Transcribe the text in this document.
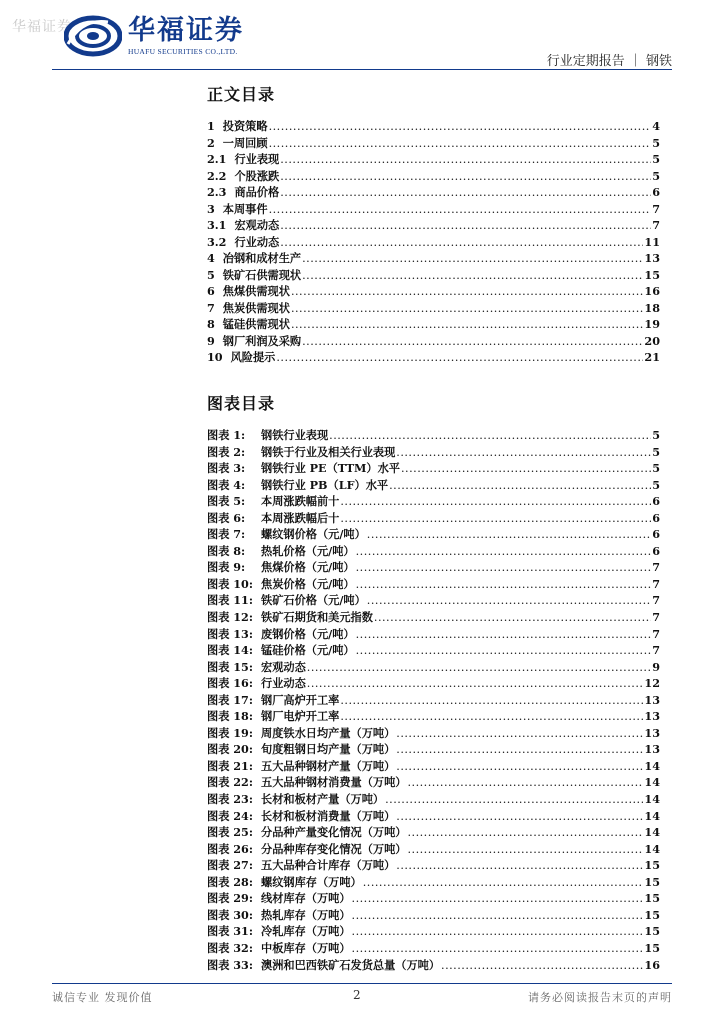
华福证券 华福证券
HUAFU SECURITIES CO.,LTD.
行业定期报告 ｜ 钢铁
正文目录
1 投资策略 .....	4
2 一周回顾 .....	5
2.1 行业表现 .....	5
2.2 个股涨跌 .....	5
2.3 商品价格 .....	6
3 本周事件 .....	7
3.1 宏观动态 .....	7
3.2 行业动态 .....	11
4 冶钢和成材生产 .....	13
5 铁矿石供需现状 .....	15
6 焦煤供需现状 .....	16
7 焦炭供需现状 .....	18
8 锰硅供需现状 .....	19
9 钢厂利润及采购 .....	20
10 风险提示 .....	21
图表目录
图表 1:	钢铁行业表现 .....	5
图表 2:	钢铁于行业及相关行业表现 .....	5
图表 3:	钢铁行业 PE（TTM）水平 .....	5
图表 4:	钢铁行业 PB（LF）水平 .....	5
图表 5:	本周涨跌幅前十 .....	6
图表 6:	本周涨跌幅后十 .....	6
图表 7:	螺纹钢价格（元/吨） .....	6
图表 8:	热轧价格（元/吨） .....	6
图表 9:	焦煤价格（元/吨） .....	7
图表 10: 焦炭价格（元/吨） .....	7
图表 11: 铁矿石价格（元/吨） .....	7
图表 12: 铁矿石期货和美元指数 .....	7
图表 13: 废钢价格（元/吨） .....	7
图表 14: 锰硅价格（元/吨） .....	7
图表 15: 宏观动态 .....	9
图表 16: 行业动态 .....	12
图表 17: 钢厂高炉开工率 .....	13
图表 18: 钢厂电炉开工率 .....	13
图表 19: 周度铁水日均产量（万吨） .....	13
图表 20: 旬度粗钢日均产量（万吨） .....	13
图表 21: 五大品种钢材产量（万吨） .....	14
图表 22: 五大品种钢材消费量（万吨） .....	14
图表 23: 长材和板材产量（万吨） .....	14
图表 24: 长材和板材消费量（万吨） .....	14
图表 25: 分品种产量变化情况（万吨） .....	14
图表 26: 分品种库存变化情况（万吨） .....	14
图表 27: 五大品种合计库存（万吨） .....	15
图表 28: 螺纹钢库存（万吨） .....	15
图表 29: 线材库存（万吨） .....	15
图表 30: 热轧库存（万吨） .....	15
图表 31: 冷轧库存（万吨） .....	15
图表 32: 中板库存（万吨） .....	15
图表 33: 澳洲和巴西铁矿石发货总量（万吨） .....	16
诚信专业 发现价值	2	请务必阅读报告末页的声明
